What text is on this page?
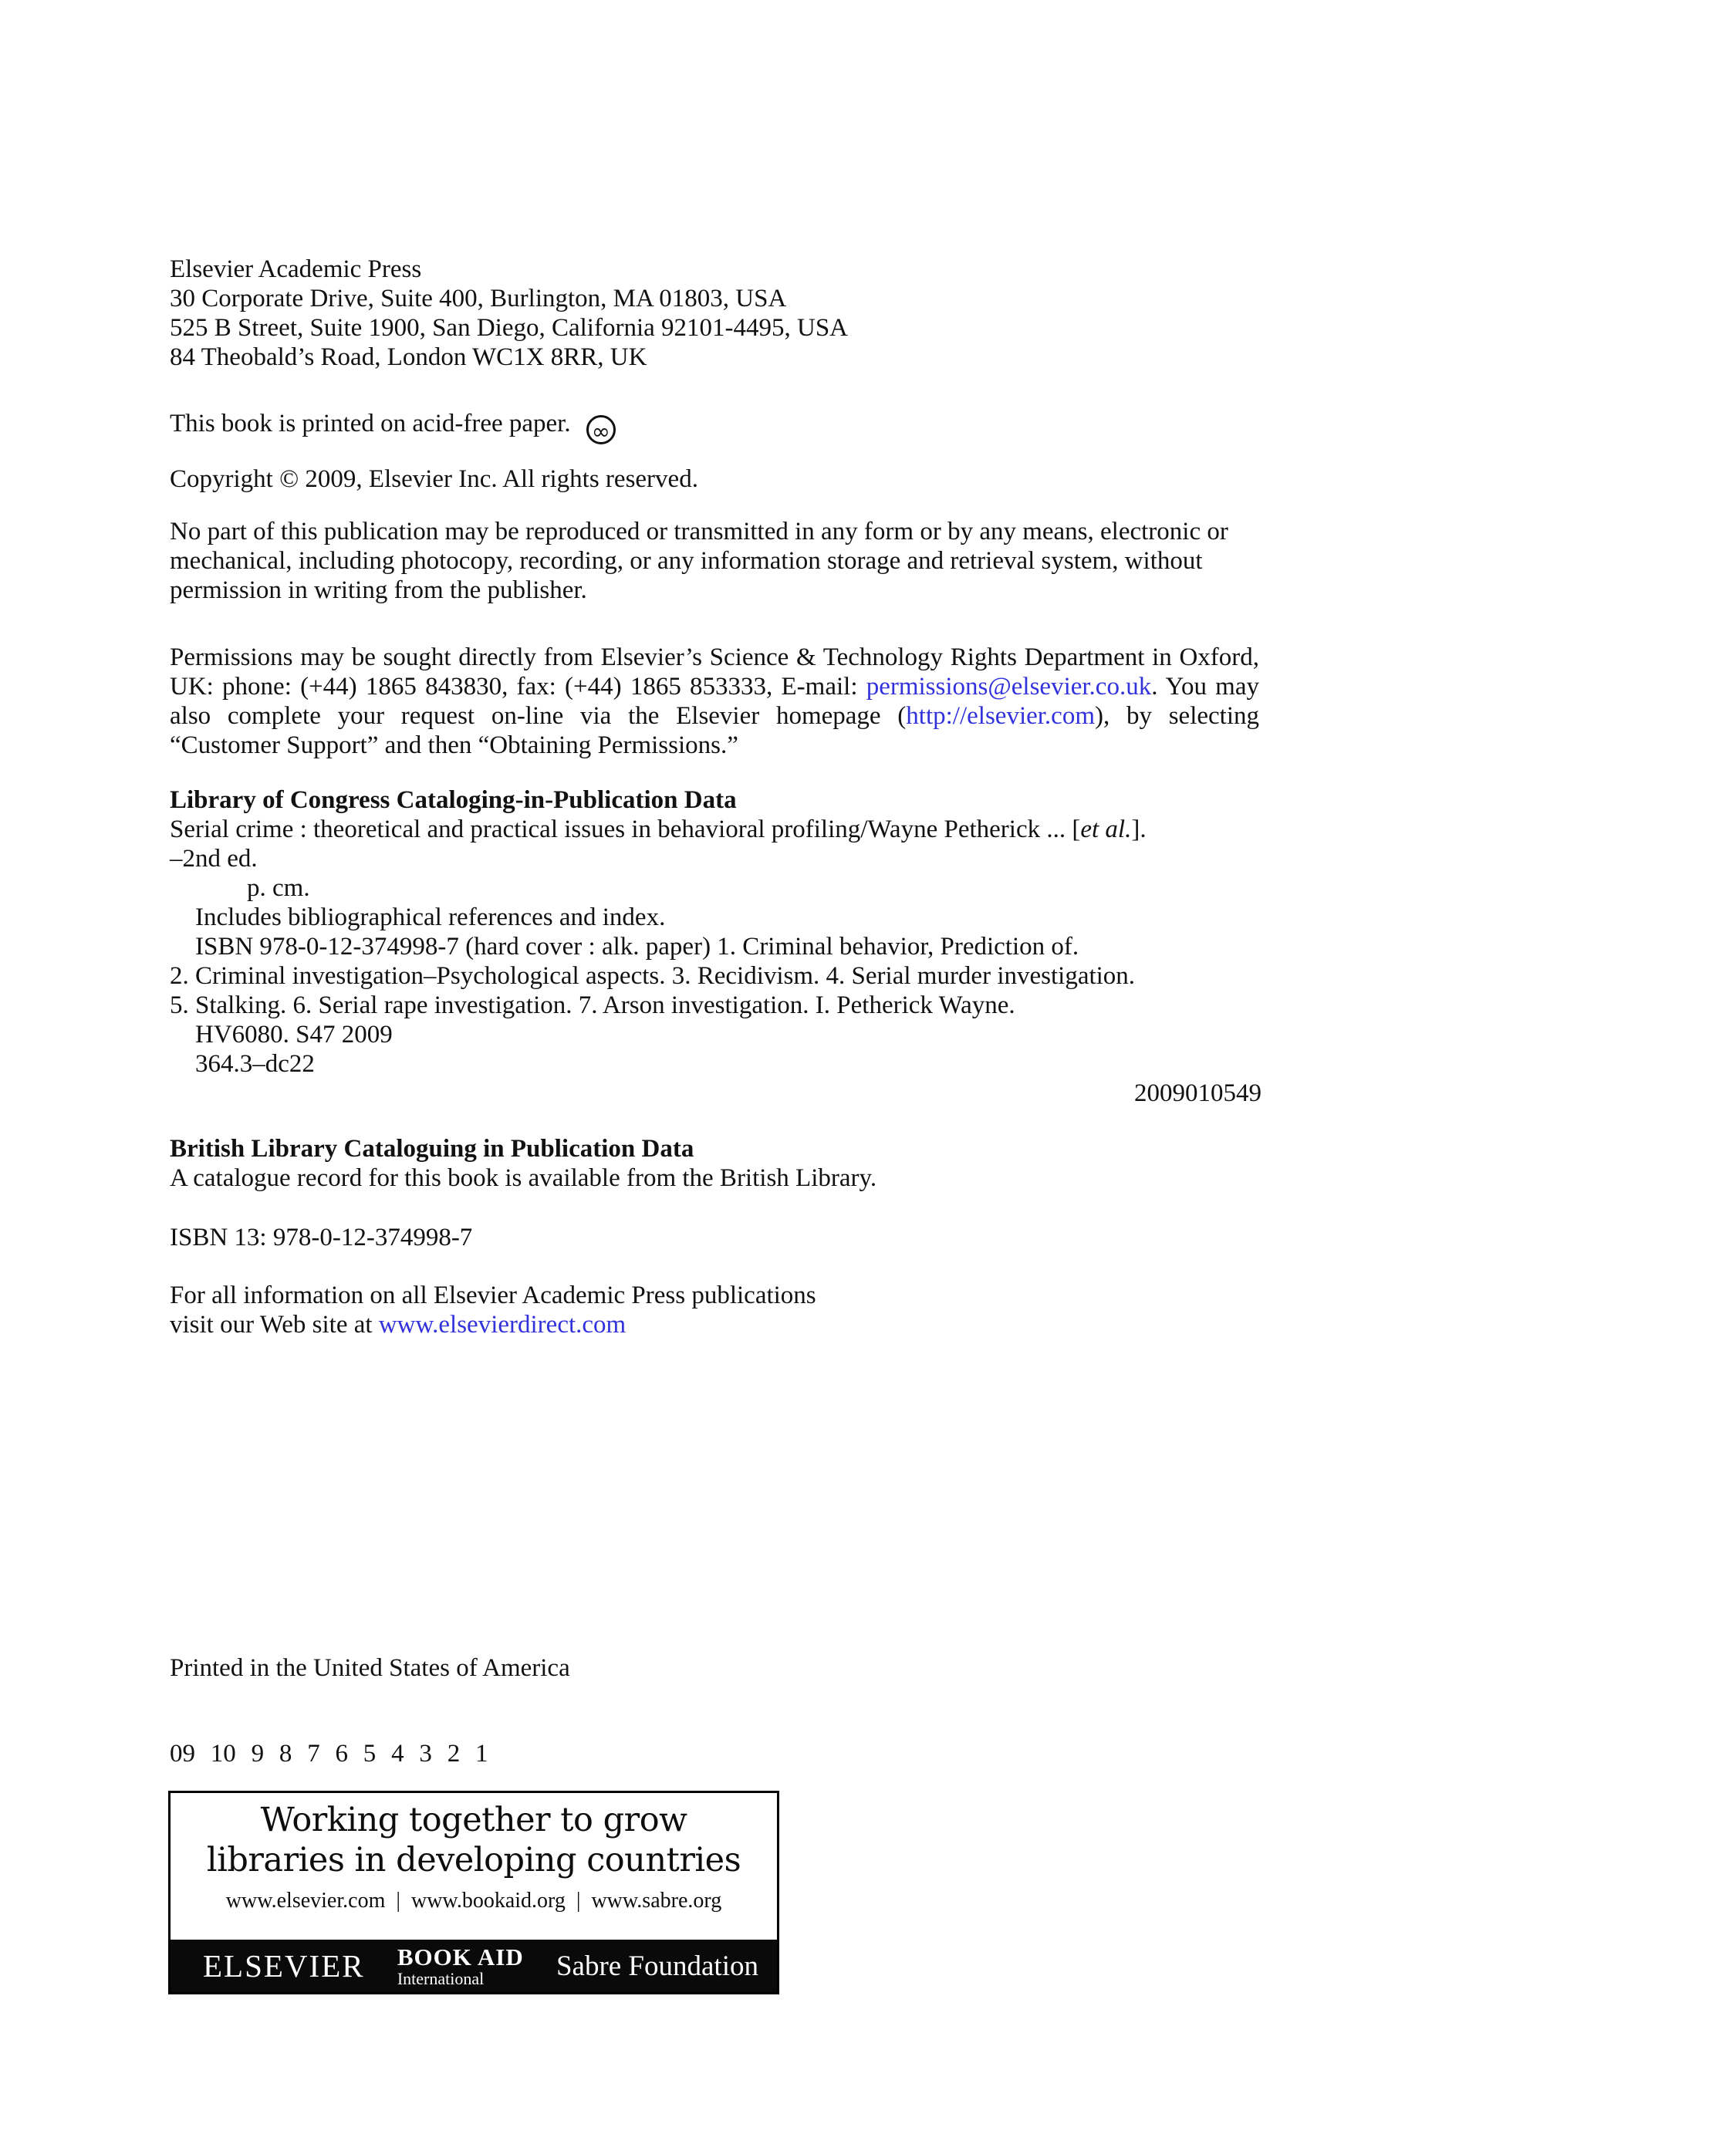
Elsevier Academic Press
30 Corporate Drive, Suite 400, Burlington, MA 01803, USA
525 B Street, Suite 1900, San Diego, California 92101-4495, USA
84 Theobald’s Road, London WC1X 8RR, UK
This book is printed on acid-free paper. ∞
Copyright © 2009, Elsevier Inc. All rights reserved.
No part of this publication may be reproduced or transmitted in any form or by any means, electronic or mechanical, including photocopy, recording, or any information storage and retrieval system, without permission in writing from the publisher.
Permissions may be sought directly from Elsevier’s Science & Technology Rights Department in Oxford, UK: phone: (+44) 1865 843830, fax: (+44) 1865 853333, E-mail: permissions@elsevier.co.uk. You may also complete your request on-line via the Elsevier homepage (http://elsevier.com), by selecting “Customer Support” and then “Obtaining Permissions.”
Library of Congress Cataloging-in-Publication Data
Serial crime : theoretical and practical issues in behavioral profiling/Wayne Petherick ... [et al.].
–2nd ed.
p. cm.
Includes bibliographical references and index.
ISBN 978-0-12-374998-7 (hard cover : alk. paper) 1. Criminal behavior, Prediction of.
2. Criminal investigation–Psychological aspects. 3. Recidivism. 4. Serial murder investigation.
5. Stalking. 6. Serial rape investigation. 7. Arson investigation. I. Petherick Wayne.
HV6080. S47 2009
364.3–dc22
2009010549
British Library Cataloguing in Publication Data
A catalogue record for this book is available from the British Library.
ISBN 13: 978-0-12-374998-7
For all information on all Elsevier Academic Press publications
visit our Web site at www.elsevierdirect.com
Printed in the United States of America
09 10 9 8 7 6 5 4 3 2 1
Working together to grow
libraries in developing countries
www.elsevier.com | www.bookaid.org | www.sabre.org
ELSEVIER BOOK AID
International	Sabre Foundation
